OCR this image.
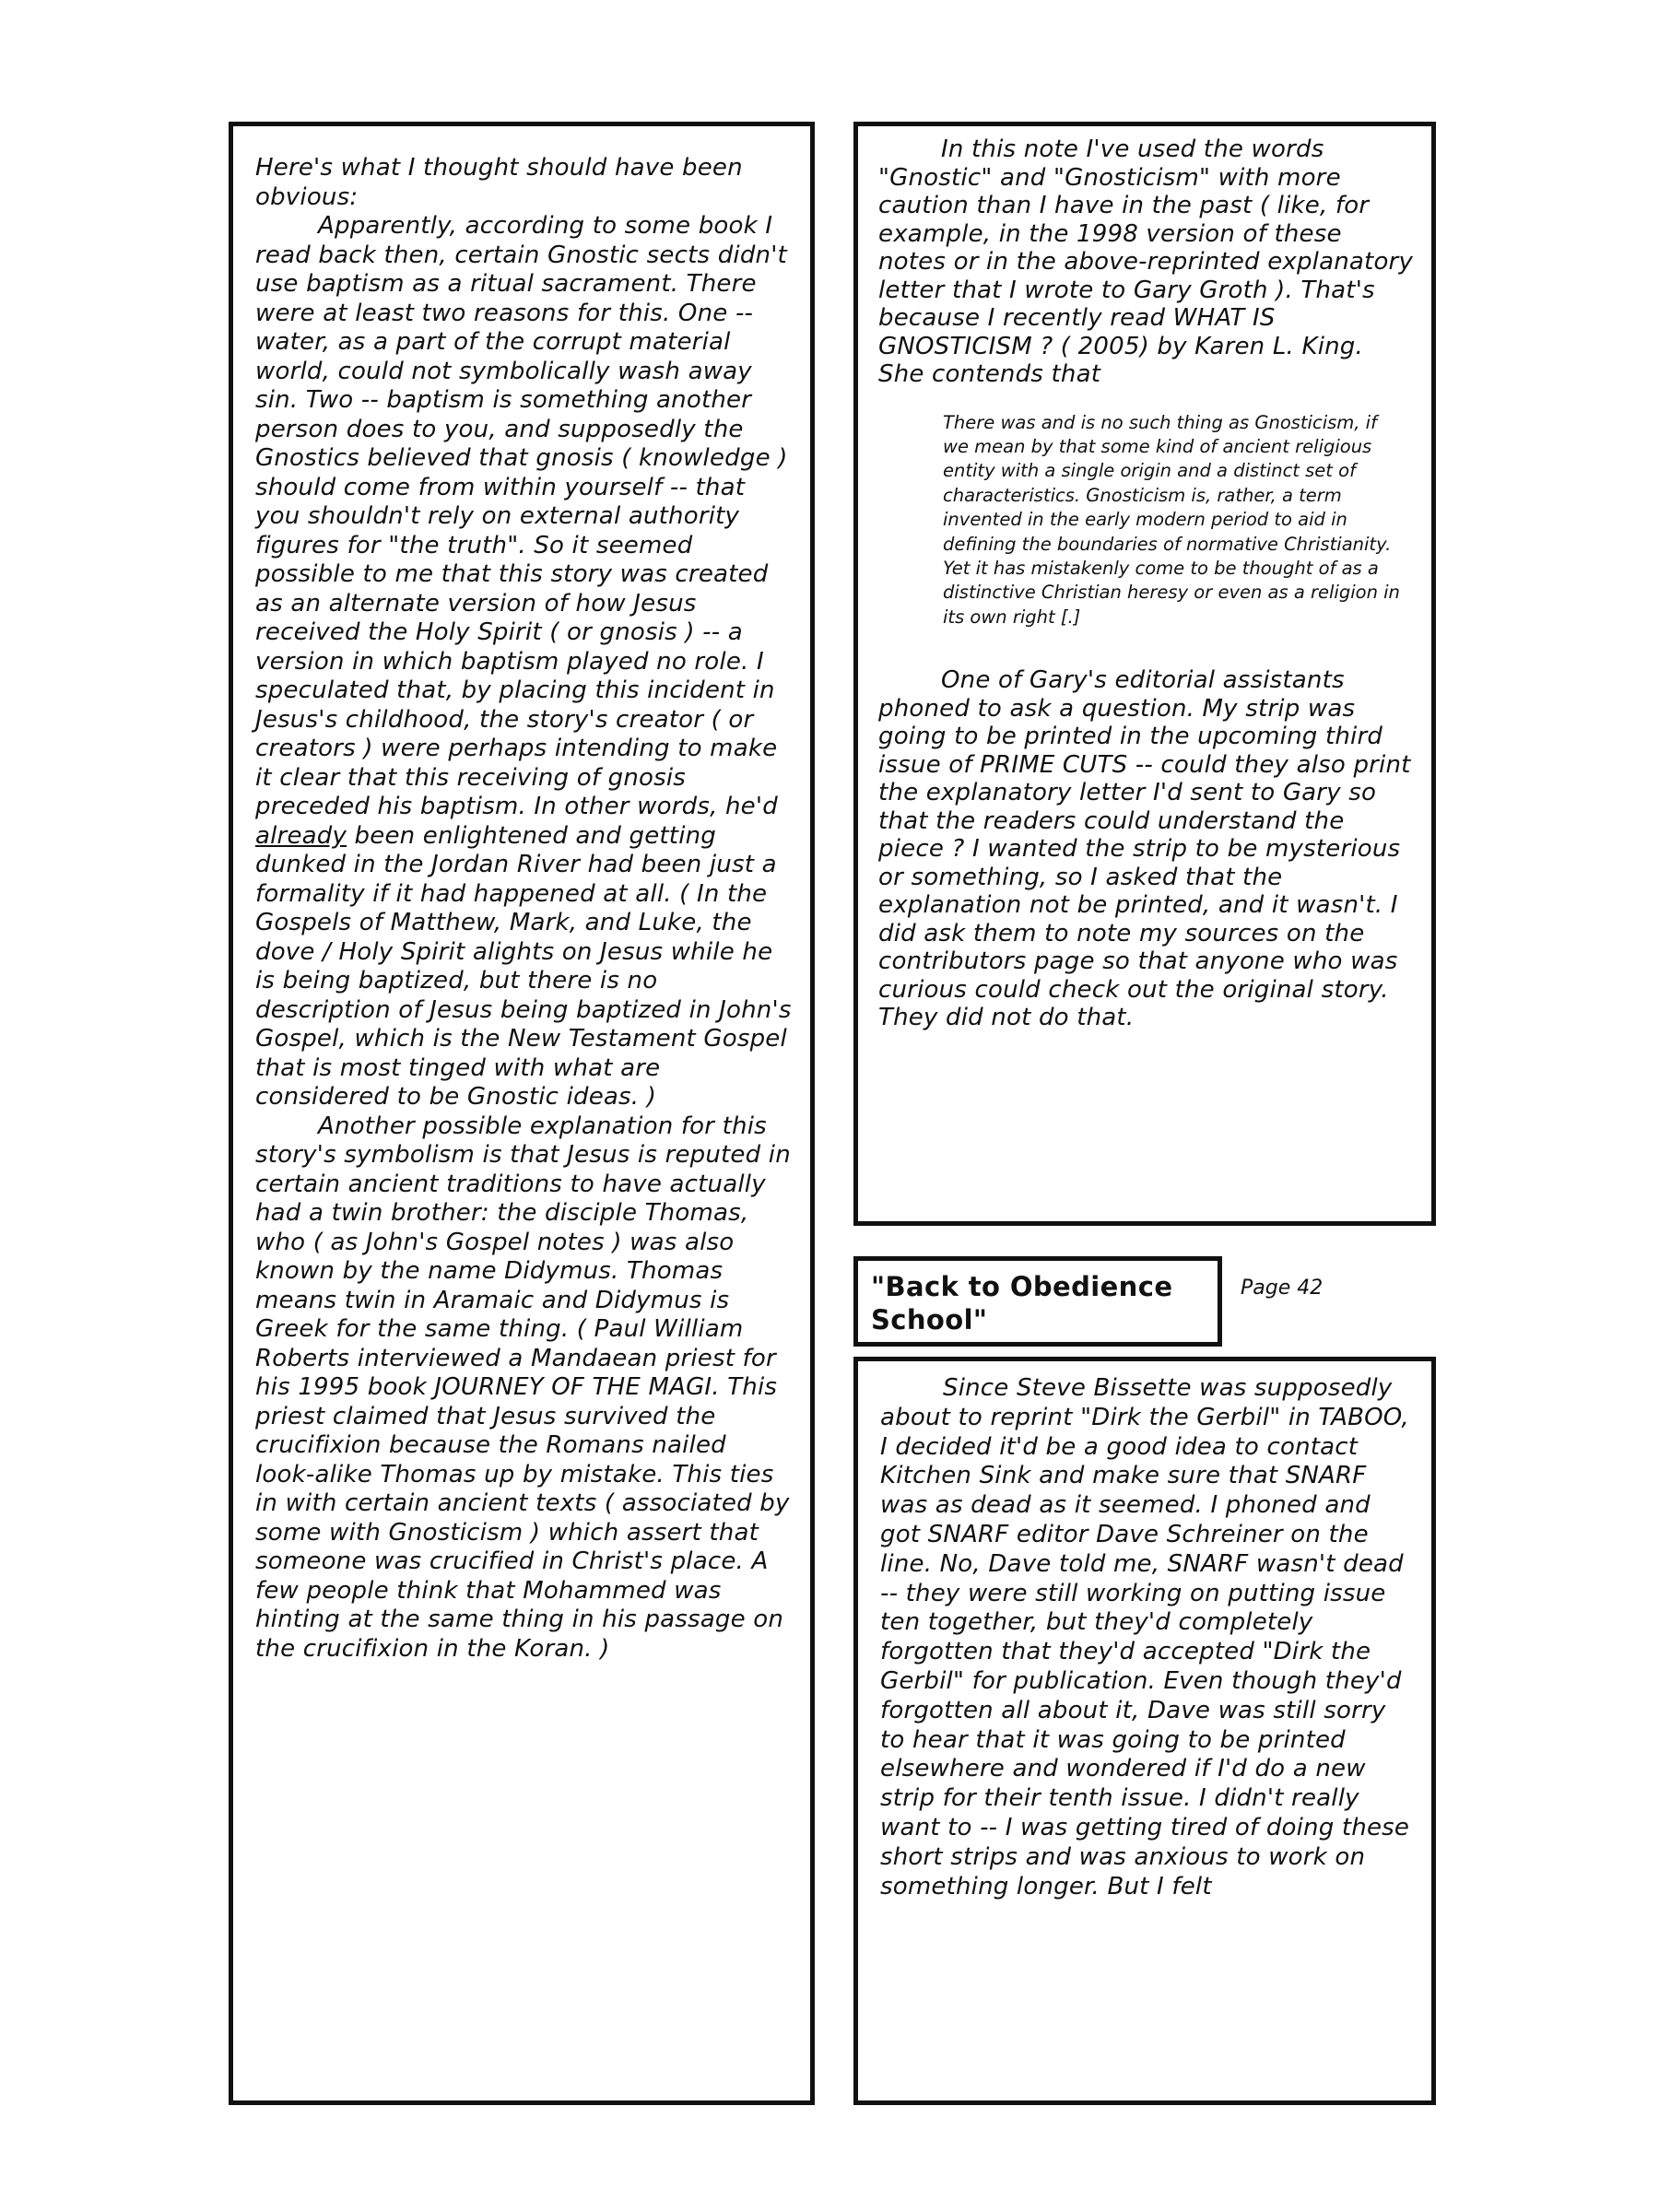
Here's what I thought should have been obvious:

Apparently, according to some book I read back then, certain Gnostic sects didn't use baptism as a ritual sacrament. There were at least two reasons for this. One -- water, as a part of the corrupt material world, could not symbolically wash away sin. Two -- baptism is something another person does to you, and supposedly the Gnostics believed that gnosis ( knowledge ) should come from within yourself -- that you shouldn't rely on external authority figures for "the truth". So it seemed possible to me that this story was created as an alternate version of how Jesus received the Holy Spirit ( or gnosis ) -- a version in which baptism played no role. I speculated that, by placing this incident in Jesus's childhood, the story's creator ( or creators ) were perhaps intending to make it clear that this receiving of gnosis preceded his baptism. In other words, he'd already been enlightened and getting dunked in the Jordan River had been just a formality if it had happened at all. ( In the Gospels of Matthew, Mark, and Luke, the dove / Holy Spirit alights on Jesus while he is being baptized, but there is no description of Jesus being baptized in John's Gospel, which is the New Testament Gospel that is most tinged with what are considered to be Gnostic ideas. )

Another possible explanation for this story's symbolism is that Jesus is reputed in certain ancient traditions to have actually had a twin brother: the disciple Thomas, who ( as John's Gospel notes ) was also known by the name Didymus. Thomas means twin in Aramaic and Didymus is Greek for the same thing. ( Paul William Roberts interviewed a Mandaean priest for his 1995 book JOURNEY OF THE MAGI. This priest claimed that Jesus survived the crucifixion because the Romans nailed look-alike Thomas up by mistake. This ties in with certain ancient texts ( associated by some with Gnosticism ) which assert that someone was crucified in Christ's place. A few people think that Mohammed was hinting at the same thing in his passage on the crucifixion in the Koran. )

In this note I've used the words "Gnostic" and "Gnosticism" with more caution than I have in the past ( like, for example, in the 1998 version of these notes or in the above-reprinted explanatory letter that I wrote to Gary Groth ). That's because I recently read WHAT IS GNOSTICISM ? ( 2005) by Karen L. King. She contends that

There was and is no such thing as Gnosticism, if we mean by that some kind of ancient religious entity with a single origin and a distinct set of characteristics. Gnosticism is, rather, a term invented in the early modern period to aid in defining the boundaries of normative Christianity. Yet it has mistakenly come to be thought of as a distinctive Christian heresy or even as a religion in its own right [.]

One of Gary's editorial assistants phoned to ask a question. My strip was going to be printed in the upcoming third issue of PRIME CUTS -- could they also print the explanatory letter I'd sent to Gary so that the readers could understand the piece ? I wanted the strip to be mysterious or something, so I asked that the explanation not be printed, and it wasn't. I did ask them to note my sources on the contributors page so that anyone who was curious could check out the original story. They did not do that.

"Back to Obedience School"

Page 42

Since Steve Bissette was supposedly about to reprint "Dirk the Gerbil" in TABOO, I decided it'd be a good idea to contact Kitchen Sink and make sure that SNARF was as dead as it seemed. I phoned and got SNARF editor Dave Schreiner on the line. No, Dave told me, SNARF wasn't dead -- they were still working on putting issue ten together, but they'd completely forgotten that they'd accepted "Dirk the Gerbil" for publication. Even though they'd forgotten all about it, Dave was still sorry to hear that it was going to be printed elsewhere and wondered if I'd do a new strip for their tenth issue. I didn't really want to -- I was getting tired of doing these short strips and was anxious to work on something longer. But I felt
